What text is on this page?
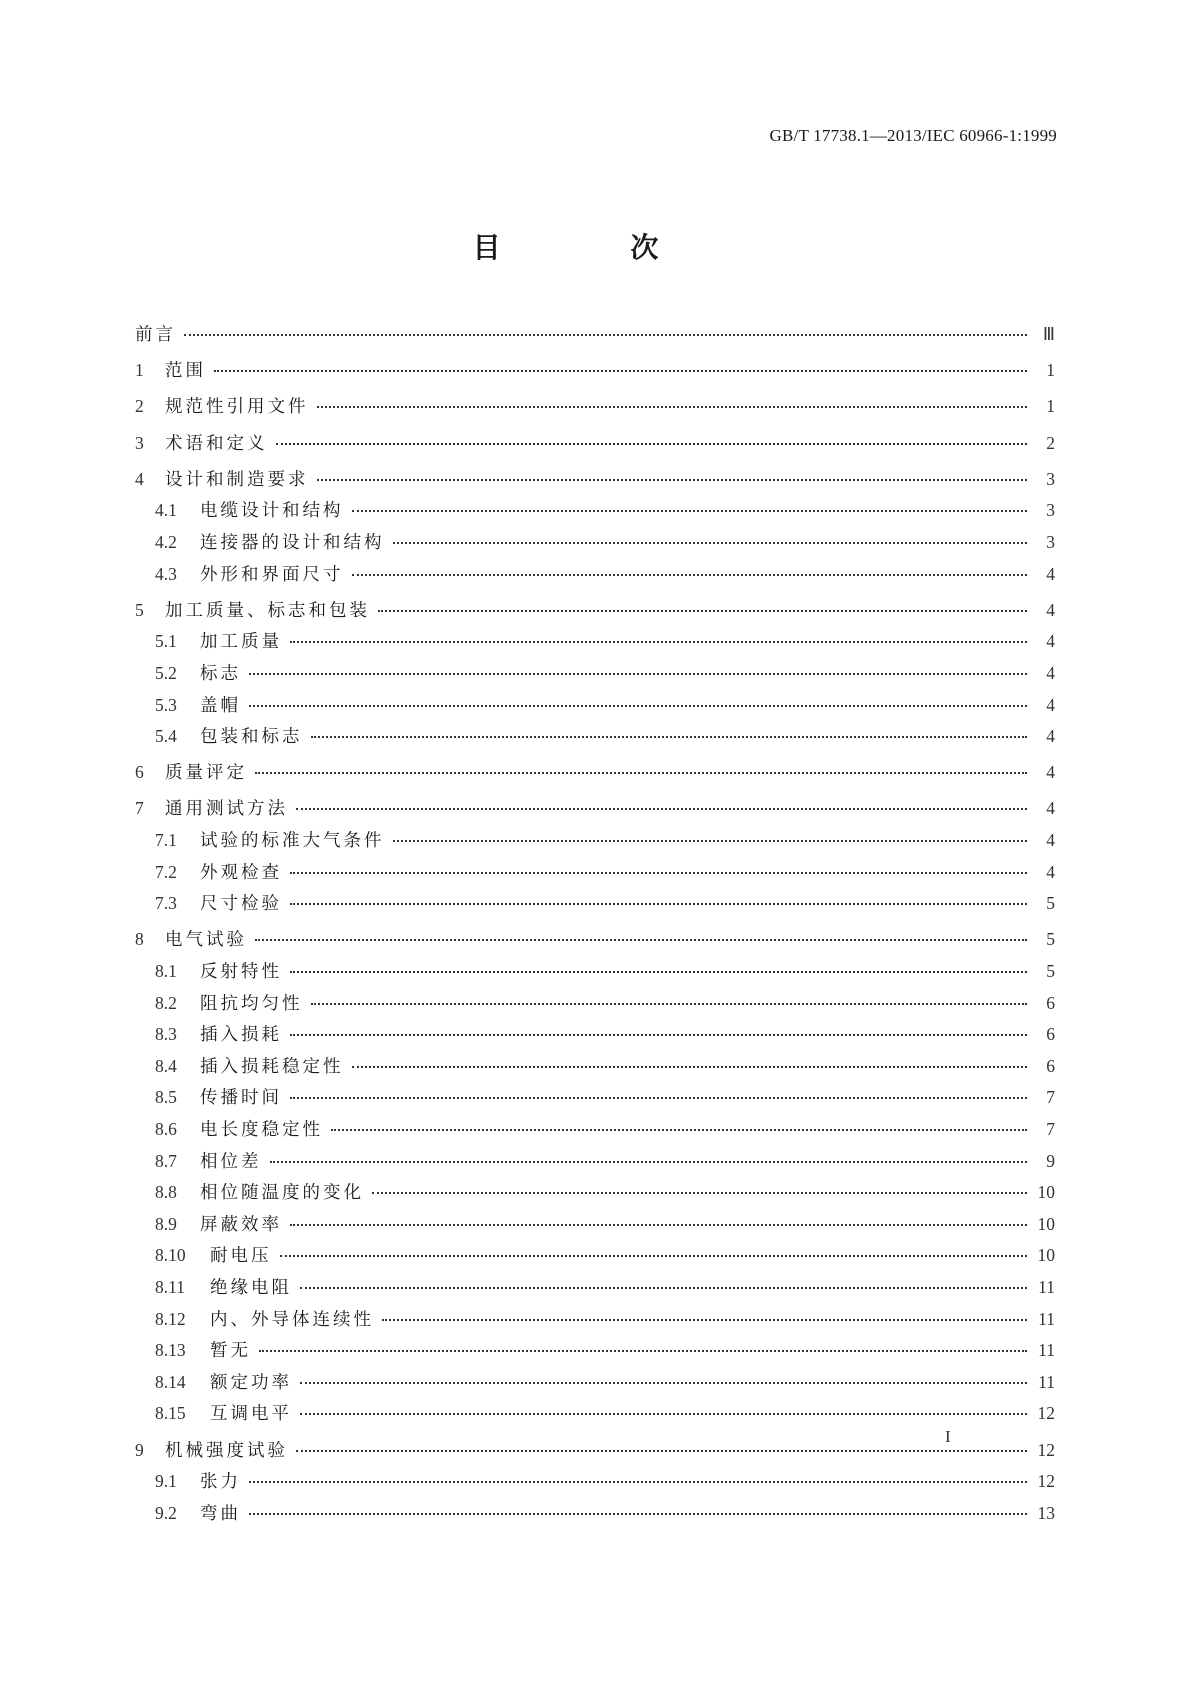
GB/T 17738.1—2013/IEC 60966-1:1999
目 次
前言	Ⅲ
1	范围	1
2	规范性引用文件	1
3	术语和定义	2
4	设计和制造要求	3
4.1	电缆设计和结构	3
4.2	连接器的设计和结构	3
4.3	外形和界面尺寸	4
5	加工质量、标志和包装	4
5.1	加工质量	4
5.2	标志	4
5.3	盖帽	4
5.4	包装和标志	4
6	质量评定	4
7	通用测试方法	4
7.1	试验的标准大气条件	4
7.2	外观检查	4
7.3	尺寸检验	5
8	电气试验	5
8.1	反射特性	5
8.2	阻抗均匀性	6
8.3	插入损耗	6
8.4	插入损耗稳定性	6
8.5	传播时间	7
8.6	电长度稳定性	7
8.7	相位差	9
8.8	相位随温度的变化	10
8.9	屏蔽效率	10
8.10	耐电压	10
8.11	绝缘电阻	11
8.12	内、外导体连续性	11
8.13	暂无	11
8.14	额定功率	11
8.15	互调电平	12
9	机械强度试验	12
9.1	张力	12
9.2	弯曲	13
I
